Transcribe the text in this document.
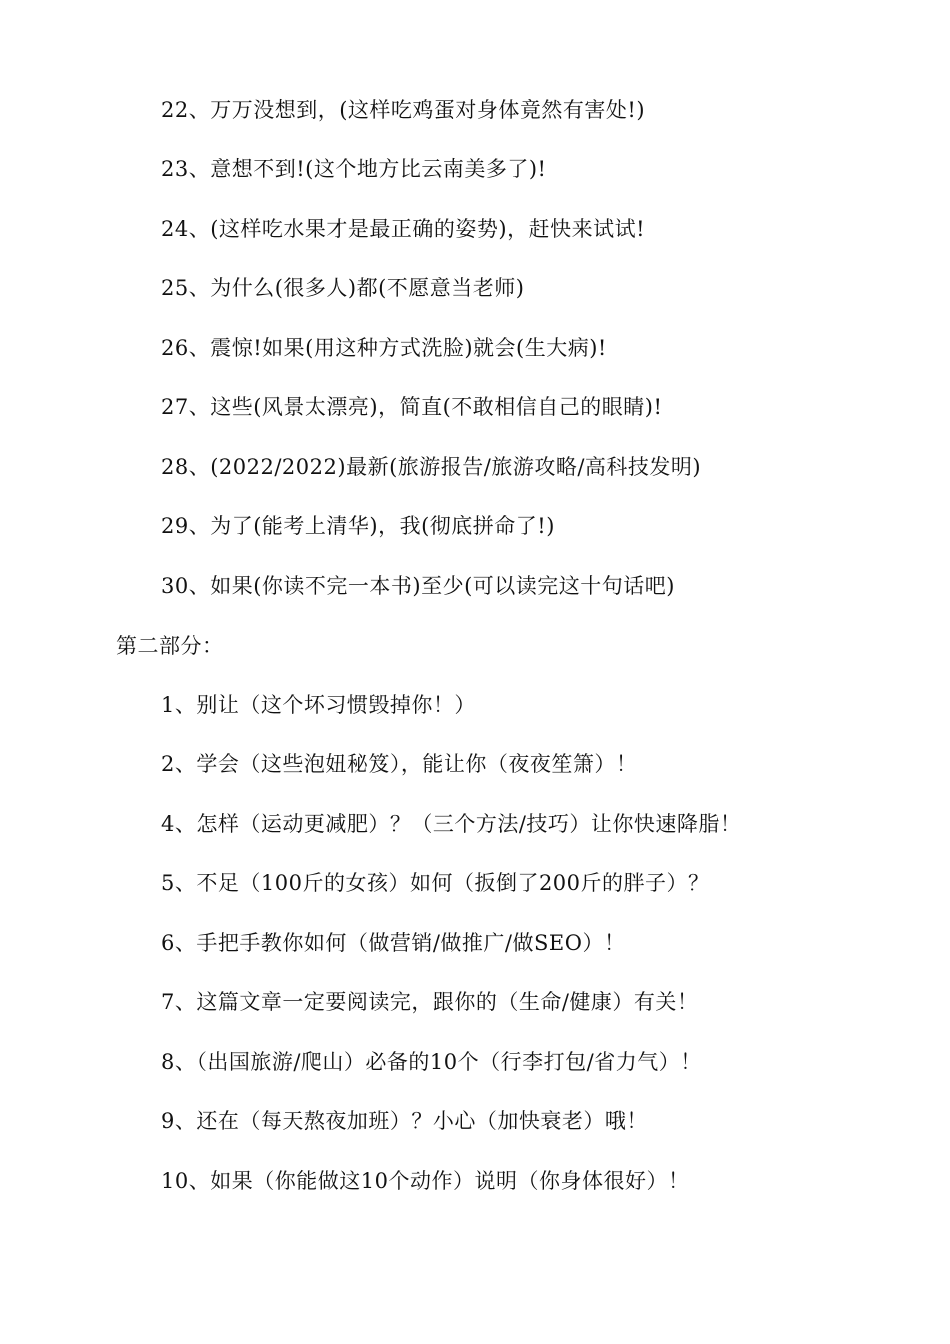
22、万万没想到，(这样吃鸡蛋对身体竟然有害处!)
23、意想不到!(这个地方比云南美多了)!
24、(这样吃水果才是最正确的姿势)，赶快来试试!
25、为什么(很多人)都(不愿意当老师)
26、震惊!如果(用这种方式洗脸)就会(生大病)!
27、这些(风景太漂亮)，简直(不敢相信自己的眼睛)!
28、(2022/2022)最新(旅游报告/旅游攻略/高科技发明)
29、为了(能考上清华)，我(彻底拼命了!)
30、如果(你读不完一本书)至少(可以读完这十句话吧)
第二部分：
1、别让（这个坏习惯毁掉你！）
2、学会（这些泡妞秘笈），能让你（夜夜笙箫）！
4、怎样（运动更减肥）？（三个方法/技巧）让你快速降脂！
5、不足（100斤的女孩）如何（扳倒了200斤的胖子）？
6、手把手教你如何（做营销/做推广/做SEO）！
7、这篇文章一定要阅读完，跟你的（生命/健康）有关！
8、（出国旅游/爬山）必备的10个（行李打包/省力气）！
9、还在（每天熬夜加班）？小心（加快衰老）哦！
10、如果（你能做这10个动作）说明（你身体很好）！
